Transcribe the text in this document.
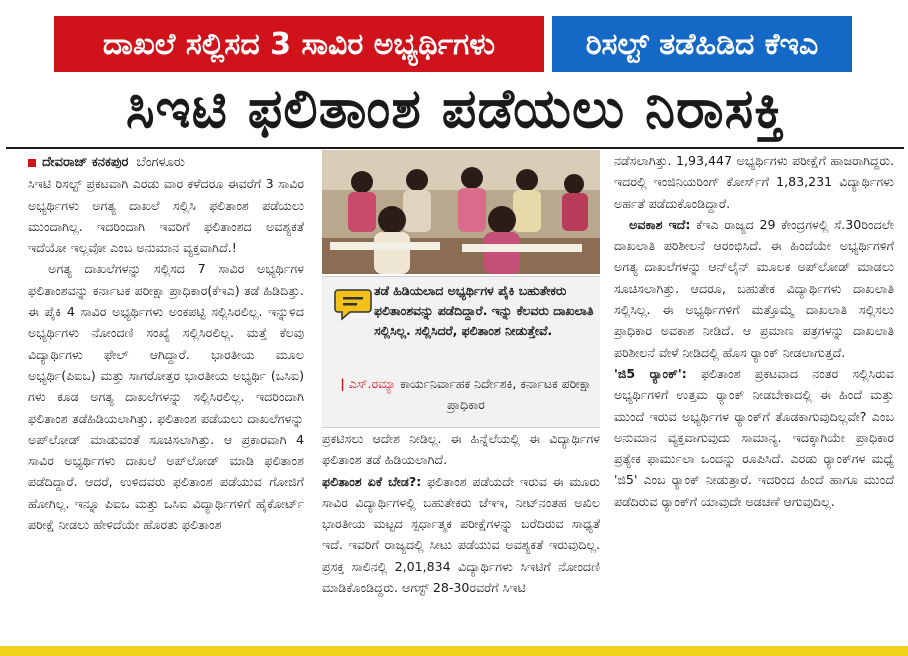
ದಾಖಲೆ ಸಲ್ಲಿಸದ 3 ಸಾವಿರ ಅಭ್ಯರ್ಥಿಗಳು	ರಿಸಲ್ಟ್ ತಡೆಹಿಡಿದ ಕೆಇಎ
ಸಿಇಟಿ ಫಲಿತಾಂಶ ಪಡೆಯಲು ನಿರಾಸಕ್ತಿ
ದೇವರಾಜ್ ಕನಕಪುರ ಬೆಂಗಳೂರು

ಸಿಇಟಿ ರಿಸಲ್ಟ್ ಪ್ರಕಟವಾಗಿ ಎರಡು ವಾರ ಕಳೆದರೂ ಈವರೆಗೆ 3 ಸಾವಿರ ಅಭ್ಯರ್ಥಿಗಳು ಅಗತ್ಯ ದಾಖಲೆ ಸಲ್ಲಿಸಿ ಫಲಿತಾಂಶ ಪಡೆಯಲು ಮುಂದಾಗಿಲ್ಲ. ಇದರಿಂದಾಗಿ ಇವರಿಗೆ ಫಲಿತಾಂಶದ ಅವಶ್ಯಕತೆ ಇದೆಯೋ ಇಲ್ಲವೋ ಎಂಬ ಅನುಮಾನ ವ್ಯಕ್ತವಾಗಿದೆ.!

ಅಗತ್ಯ ದಾಖಲೆಗಳನ್ನು ಸಲ್ಲಿಸದ 7 ಸಾವಿರ ಅಭ್ಯರ್ಥಿಗಳ ಫಲಿತಾಂಶವನ್ನು ಕರ್ನಾಟಕ ಪರೀಕ್ಷಾ ಪ್ರಾಧಿಕಾರ(ಕೆಇಎ) ತಡೆ ಹಿಡಿದಿತ್ತು. ಈ ಪೈಕಿ 4 ಸಾವಿರ ಅಭ್ಯರ್ಥಿಗಳು ಅಂಕಪಟ್ಟಿ ಸಲ್ಲಿಸಿರಲಿಲ್ಲ. ಇನ್ನುಳಿದ ಅಭ್ಯರ್ಥಿಗಳು ನೋಂದಣಿ ಸಂಖ್ಯೆ ಸಲ್ಲಿಸಿರಲಿಲ್ಲ. ಮತ್ತೆ ಕೆಲವು ವಿದ್ಯಾರ್ಥಿಗಳು ಫೇಲ್ ಆಗಿದ್ದಾರೆ. ಭಾರತೀಯ ಮೂಲ ಅಭ್ಯರ್ಥಿ(ಪಿಐಒ) ಮತ್ತು ಸಾಗರೋತ್ತರ ಭಾರತೀಯ ಅಭ್ಯರ್ಥಿ (ಒಸಿಐ) ಗಳು ಕೂಡ ಅಗತ್ಯ ದಾಖಲೆಗಳನ್ನು ಸಲ್ಲಿಸಿರಲಿಲ್ಲ. ಇದರಿಂದಾಗಿ ಫಲಿತಾಂಶ ತಡೆಹಿಡಿಯಲಾಗಿತ್ತು. ಫಲಿತಾಂಶ ಪಡೆಯಲು ದಾಖಲೆಗಳನ್ನು ಅಪ್‌ಲೋಡ್ ಮಾಡುವಂತೆ ಸೂಚಿಸಲಾಗಿತ್ತು. ಆ ಪ್ರಕಾರವಾಗಿ 4 ಸಾವಿರ ಅಭ್ಯರ್ಥಿಗಳು ದಾಖಲೆ ಅಪ್‌ಲೋಡ್ ಮಾಡಿ ಫಲಿತಾಂಶ ಪಡೆದಿದ್ದಾರೆ. ಆದರೆ, ಉಳಿದವರು ಫಲಿತಾಂಶ ಪಡೆಯುವ ಗೋಜಿಗೆ ಹೋಗಿಲ್ಲ. ಇನ್ನೂ ಪಿಐಒ ಮತ್ತು ಒಸಿಐ ವಿದ್ಯಾರ್ಥಿಗಳಿಗೆ ಹೈಕೋರ್ಟ್ ಪರೀಕ್ಷೆ ನೀಡಲು ಹೇಳಿದೆಯೇ ಹೊರತು ಫಲಿತಾಂಶ

ತಡೆ ಹಿಡಿಯಲಾದ ಅಭ್ಯರ್ಥಿಗಳ ಪೈಕಿ ಬಹುತೇಕರು ಫಲಿತಾಂಶವನ್ನು ಪಡೆದಿದ್ದಾರೆ. ಇನ್ನು ಕೆಲವರು ದಾಖಲಾತಿ ಸಲ್ಲಿಸಿಲ್ಲ. ಸಲ್ಲಿಸಿದರೆ, ಫಲಿತಾಂಶ ನೀಡುತ್ತೇವೆ.
| ಎಸ್.ರಮ್ಯಾ ಕಾರ್ಯನಿರ್ವಾಹಕ ನಿರ್ದೇಶಕಿ, ಕರ್ನಾಟಕ ಪರೀಕ್ಷಾ ಪ್ರಾಧಿಕಾರ

ಪ್ರಕಟಿಸಲು ಆದೇಶ ನೀಡಿಲ್ಲ. ಈ ಹಿನ್ನೆಲೆಯಲ್ಲಿ ಈ ವಿದ್ಯಾರ್ಥಿಗಳ ಫಲಿತಾಂಶ ತಡೆ ಹಿಡಿಯಲಾಗಿದೆ.

ಫಲಿತಾಂಶ ಏಕೆ ಬೇಡ?: ಫಲಿತಾಂಶ ಪಡೆಯದೇ ಇರುವ ಈ ಮೂರು ಸಾವಿರ ವಿದ್ಯಾರ್ಥಿಗಳಲ್ಲಿ ಬಹುತೇಕರು ಜೆಇಇ, ನೀಟ್‌ನಂತಹ ಅಖಿಲ ಭಾರತೀಯ ಮಟ್ಟದ ಸ್ಪರ್ಧಾತ್ಮಕ ಪರೀಕ್ಷೆಗಳನ್ನು ಬರೆದಿರುವ ಸಾಧ್ಯತೆ ಇದೆ. ಇವರಿಗೆ ರಾಜ್ಯದಲ್ಲಿ ಸೀಟು ಪಡೆಯುವ ಅವಶ್ಯಕತೆ ಇರುವುದಿಲ್ಲ. ಪ್ರಸಕ್ತ ಸಾಲಿನಲ್ಲಿ 2,01,834 ವಿದ್ಯಾರ್ಥಿಗಳು ಸಿಇಟಿಗೆ ನೋಂದಣಿ ಮಾಡಿಕೊಂಡಿದ್ದರು. ಆಗಸ್ಟ್ 28-30ರವರೆಗೆ ಸಿಇಟಿ

ನಡೆಸಲಾಗಿತ್ತು. 1,93,447 ಅಭ್ಯರ್ಥಿಗಳು ಪರೀಕ್ಷೆಗೆ ಹಾಜರಾಗಿದ್ದರು. ಇದರಲ್ಲಿ ಇಂಜಿನಿಯರಿಂಗ್ ಕೋರ್ಸ್‌ಗೆ 1,83,231 ವಿದ್ಯಾರ್ಥಿಗಳು ಅರ್ಹತೆ ಪಡೆದುಕೊಂಡಿದ್ದಾರೆ.

ಅವಕಾಶ ಇದೆ: ಕೆಇಎ ರಾಜ್ಯದ 29 ಕೇಂದ್ರಗಳಲ್ಲಿ ಸೆ.30ರಿಂದಲೇ ದಾಖಲಾತಿ ಪರಿಶೀಲನೆ ಆರಂಭಿಸಿದೆ. ಈ ಹಿಂದೆಯೇ ಅಭ್ಯರ್ಥಿಗಳಿಗೆ ಅಗತ್ಯ ದಾಖಲೆಗಳನ್ನು ಆನ್‌ಲೈನ್ ಮೂಲಕ ಅಪ್‌ಲೋಡ್ ಮಾಡಲು ಸೂಚಿಸಲಾಗಿತ್ತು. ಆದರೂ, ಬಹುತೇಕ ವಿದ್ಯಾರ್ಥಿಗಳು ದಾಖಲಾತಿ ಸಲ್ಲಿಸಿಲ್ಲ. ಈ ಅಭ್ಯರ್ಥಿಗಳಿಗೆ ಮತ್ತೊಮ್ಮೆ ದಾಖಲಾತಿ ಸಲ್ಲಿಸಲು ಪ್ರಾಧಿಕಾರ ಅವಕಾಶ ನೀಡಿದೆ. ಆ ಪ್ರಮಾಣ ಪತ್ರಗಳನ್ನು ದಾಖಲಾತಿ ಪರಿಶೀಲನೆ ವೇಳೆ ನೀಡಿದಲ್ಲಿ ಹೊಸ ರ‍್ಯಾಂಕ್ ನೀಡಲಾಗುತ್ತದೆ.

'ಜಿ5 ರ‍್ಯಾಂಕ್': ಫಲಿತಾಂಶ ಪ್ರಕಟವಾದ ನಂತರ ಸಲ್ಲಿಸಿರುವ ಅಭ್ಯರ್ಥಿಗಳಿಗೆ ಉತ್ತಮ ರ‍್ಯಾಂಕ್ ನೀಡಬೇಕಾದಲ್ಲಿ ಈ ಹಿಂದೆ ಮತ್ತು ಮುಂದೆ ಇರುವ ಅಭ್ಯರ್ಥಿಗಳ ರ‍್ಯಾಂಕ್‌ಗೆ ತೊಡಕಾಗುವುದಿಲ್ಲವೇ? ಎಂಬ ಅನುಮಾನ ವ್ಯಕ್ತವಾಗುವುದು ಸಾಮಾನ್ಯ. ಇದಕ್ಕಾಗಿಯೇ ಪ್ರಾಧಿಕಾರ ಪ್ರತ್ಯೇಕ ಫಾರ್ಮುಲಾ ಒಂದನ್ನು ರೂಪಿಸಿದೆ. ಎರಡು ರ‍್ಯಾಂಕ್‌ಗಳ ಮಧ್ಯೆ 'ಜಿ5' ಎಂಬ ರ‍್ಯಾಂಕ್ ನೀಡುತ್ತಾರೆ. ಇದರಿಂದ ಹಿಂದೆ ಹಾಗೂ ಮುಂದೆ ಪಡೆದಿರುವ ರ‍್ಯಾಂಕ್‌ಗೆ ಯಾವುದೇ ಅಡಚಣೆ ಆಗುವುದಿಲ್ಲ.
